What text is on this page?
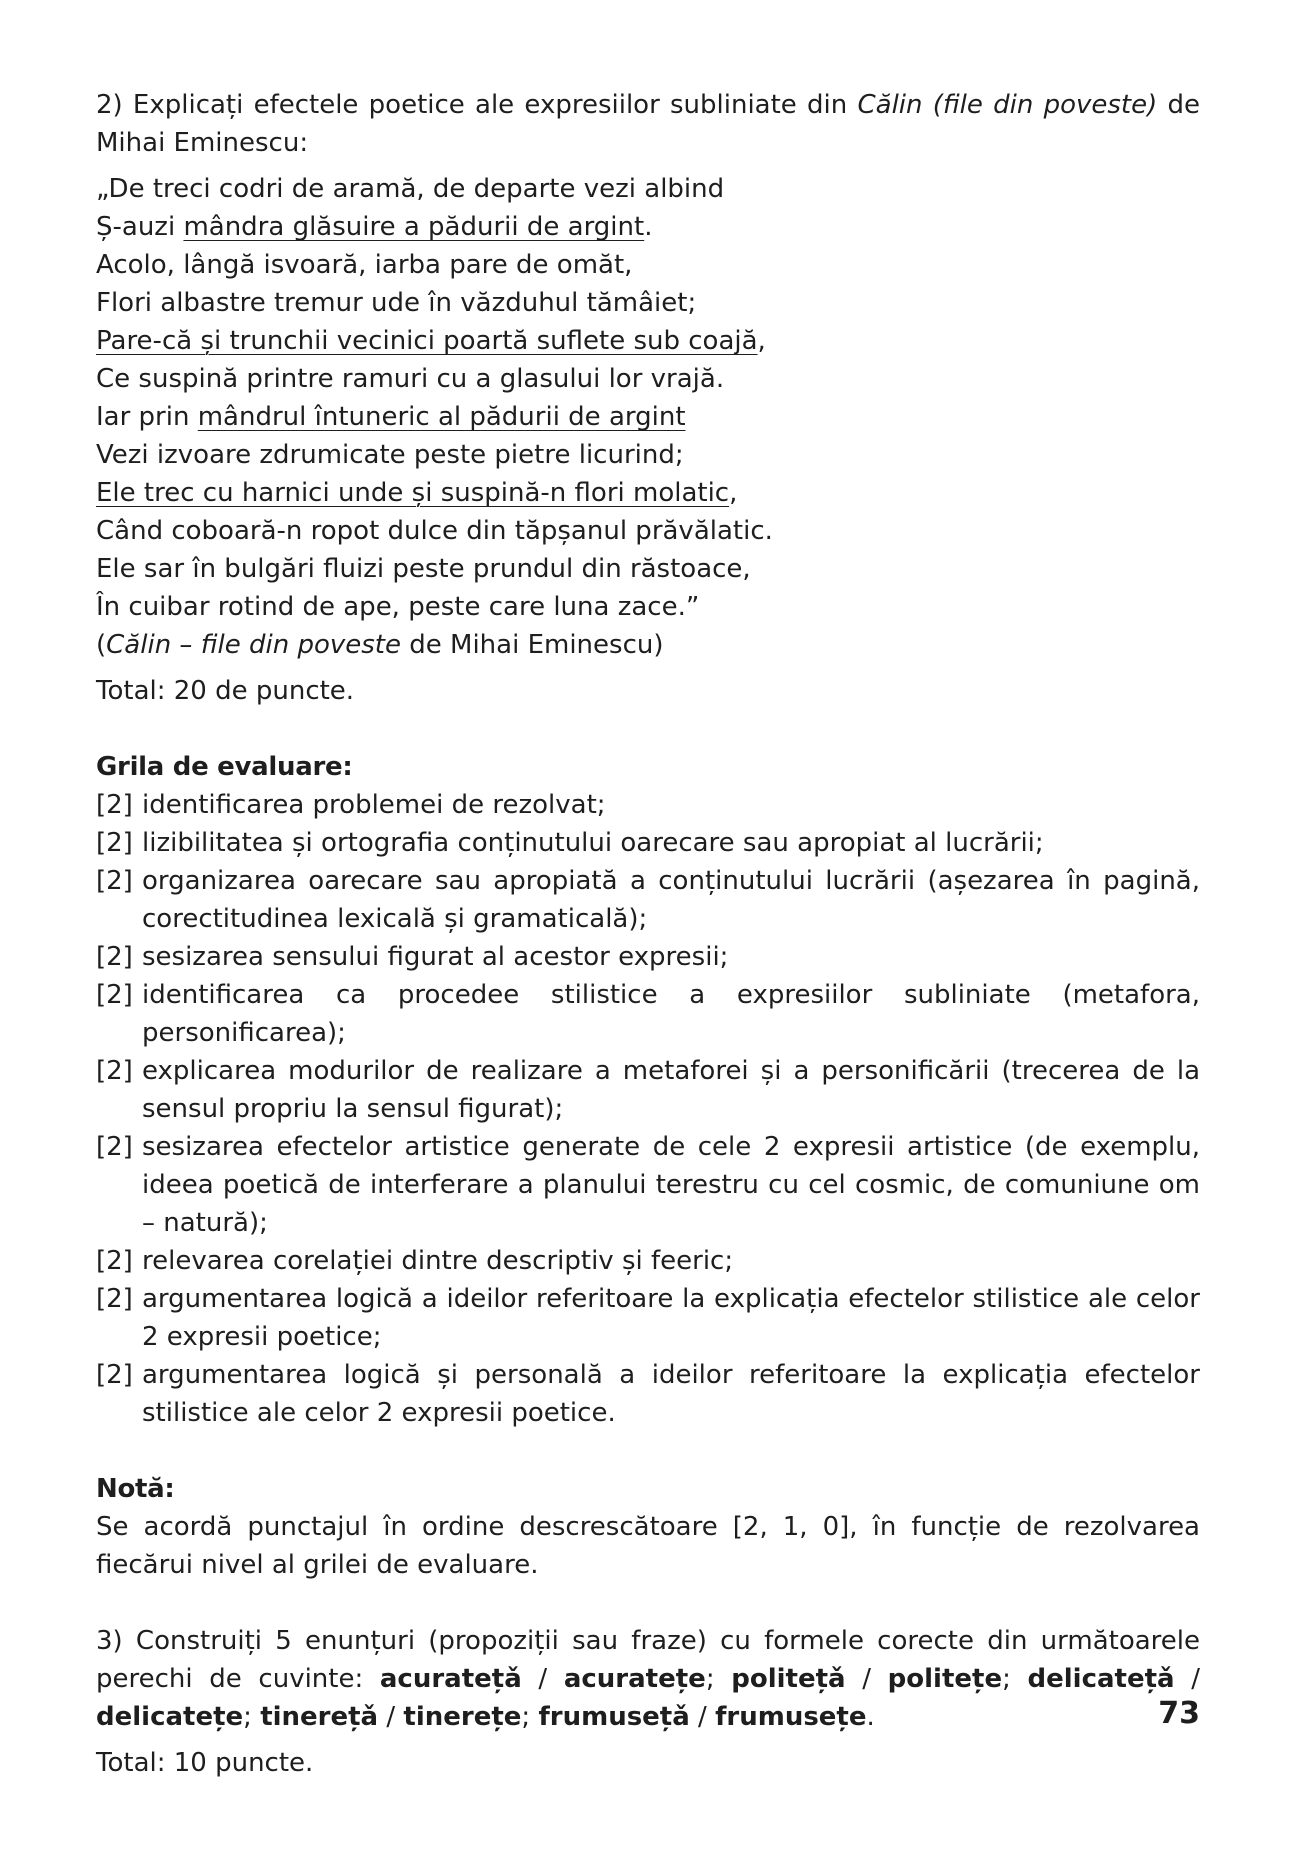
2) Explicați efectele poetice ale expresiilor subliniate din Călin (file din poveste) de Mihai Eminescu:

„De treci codri de aramă, de departe vezi albind
Ș-auzi mândra glăsuire a pădurii de argint.
Acolo, lângă isvoară, iarba pare de omăt,
Flori albastre tremur ude în văzduhul tămâiet;
Pare-că și trunchii vecinici poartă suflete sub coajă,
Ce suspină printre ramuri cu a glasului lor vrajă.
Iar prin mândrul întuneric al pădurii de argint
Vezi izvoare zdrumicate peste pietre licurind;
Ele trec cu harnici unde și suspină-n flori molatic,
Când coboară-n ropot dulce din tăpșanul prăvălatic.
Ele sar în bulgări fluizi peste prundul din răstoace,
În cuibar rotind de ape, peste care luna zace.”
(Călin – file din poveste de Mihai Eminescu)

Total: 20 de puncte.

Grila de evaluare:

[2] identificarea problemei de rezolvat;
[2] lizibilitatea și ortografia conținutului oarecare sau apropiat al lucrării;
[2] organizarea oarecare sau apropiată a conținutului lucrării (așezarea în pagină, corectitudinea lexicală și gramaticală);
[2] sesizarea sensului figurat al acestor expresii;
[2] identificarea ca procedee stilistice a expresiilor subliniate (metafora, personificarea);
[2] explicarea modurilor de realizare a metaforei și a personificării (trecerea de la sensul propriu la sensul figurat);
[2] sesizarea efectelor artistice generate de cele 2 expresii artistice (de exemplu, ideea poetică de interferare a planului terestru cu cel cosmic, de comuniune om – natură);
[2] relevarea corelației dintre descriptiv și feeric;
[2] argumentarea logică a ideilor referitoare la explicația efectelor stilistice ale celor 2 expresii poetice;
[2] argumentarea logică și personală a ideilor referitoare la explicația efectelor stilistice ale celor 2 expresii poetice.

Notă:

Se acordă punctajul în ordine descrescătoare [2, 1, 0], în funcție de rezolvarea fiecărui nivel al grilei de evaluare.

3) Construiți 5 enunțuri (propoziții sau fraze) cu formele corecte din următoarele perechi de cuvinte: acuratețǎ / acuratețe; politețǎ / politețe; delicatețǎ / delicatețe; tinerețǎ / tinerețe; frumusețǎ / frumusețe.

Total: 10 puncte.

73
